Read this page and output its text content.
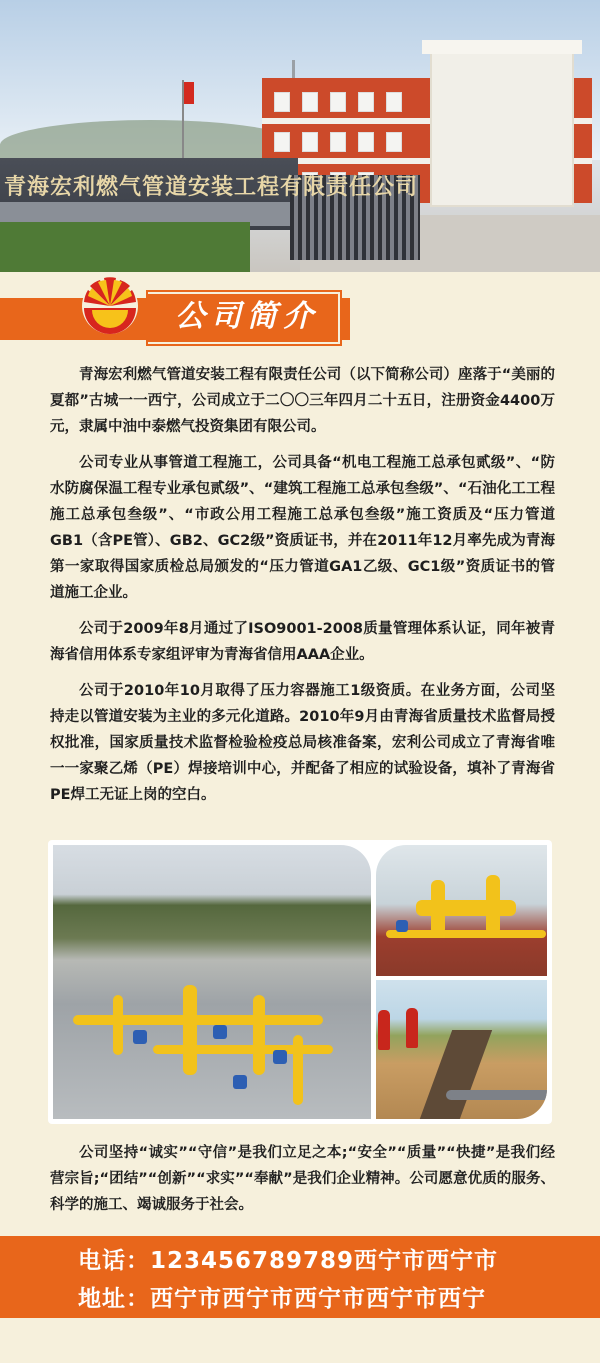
青海宏利燃气管道安装工程有限责任公司
公司简介

青海宏利燃气管道安装工程有限责任公司（以下简称公司）座落于“美丽的夏都”古城一一西宁，公司成立于二〇〇三年四月二十五日，注册资金4400万元，隶属中油中泰燃气投资集团有限公司。

公司专业从事管道工程施工，公司具备“机电工程施工总承包贰级”、“防水防腐保温工程专业承包贰级”、“建筑工程施工总承包叁级”、“石油化工工程施工总承包叁级”、“市政公用工程施工总承包叁级”施工资质及“压力管道GB1（含PE管）、GB2、GC2级”资质证书，并在2011年12月率先成为青海第一家取得国家质检总局颁发的“压力管道GA1乙级、GC1级”资质证书的管道施工企业。

公司于2009年8月通过了ISO9001-2008质量管理体系认证，同年被青海省信用体系专家组评审为青海省信用AAA企业。

公司于2010年10月取得了压力容器施工1级资质。在业务方面，公司坚持走以管道安装为主业的多元化道路。2010年9月由青海省质量技术监督局授权批准，国家质量技术监督检验检疫总局核准备案，宏利公司成立了青海省唯一一家聚乙烯（PE）焊接培训中心，并配备了相应的试验设备，填补了青海省PE焊工无证上岗的空白。

公司坚持“诚实”“守信”是我们立足之本;“安全”“质量”“快捷”是我们经营宗旨;“团结”“创新”“求实”“奉献”是我们企业精神。公司愿意优质的服务、科学的施工、竭诚服务于社会。

电话：123456789789西宁市西宁市
地址：西宁市西宁市西宁市西宁市西宁
